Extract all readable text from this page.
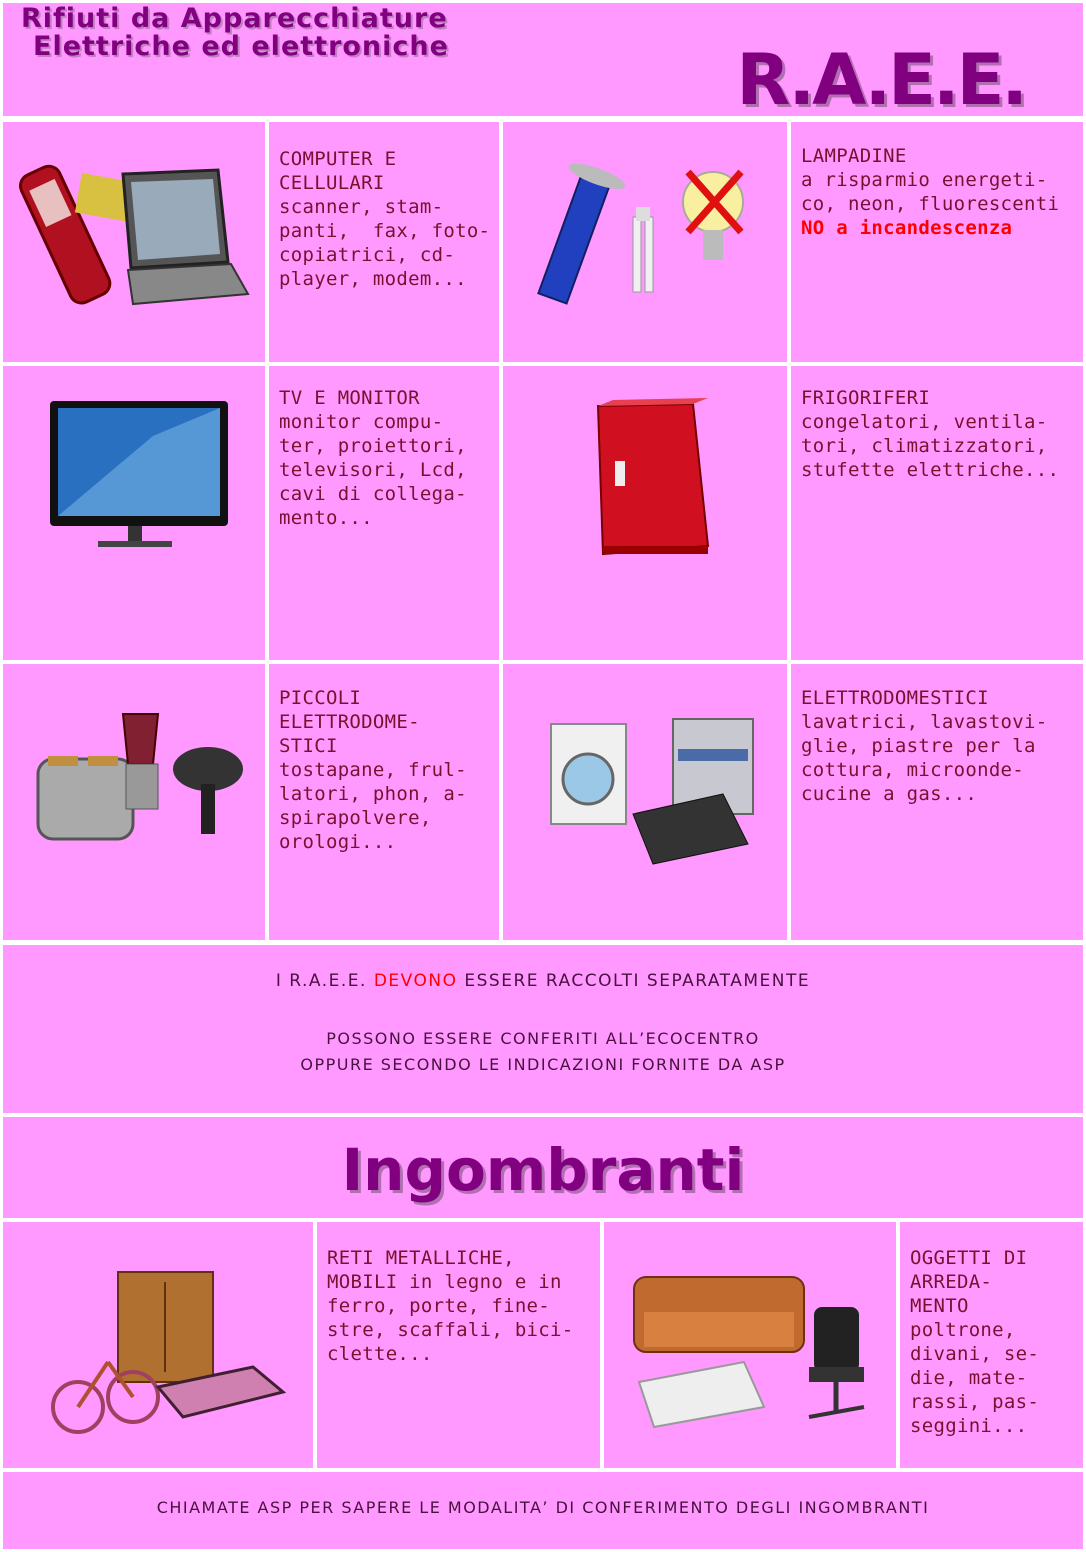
Rifiuti da Apparecchiature
Elettriche ed elettroniche	R.A.E.E.
COMPUTER E
CELLULARI
scanner, stam-
panti,  fax, foto-
copiatrici, cd-
player, modem...
LAMPADINE
a risparmio energeti-
co, neon, fluorescenti
NO a incandescenza
TV E MONITOR
monitor compu-
ter, proiettori,
televisori, Lcd,
cavi di collega-
mento...
FRIGORIFERI
congelatori, ventila-
tori, climatizzatori,
stufette elettriche...
PICCOLI
ELETTRODOME-
STICI
tostapane, frul-
latori, phon, a-
spirapolvere,
orologi...
ELETTRODOMESTICI
lavatrici, lavastovi-
glie, piastre per la
cottura, microonde-
cucine a gas...
I R.A.E.E. DEVONO ESSERE RACCOLTI SEPARATAMENTE
POSSONO ESSERE CONFERITI ALL’ECOCENTRO
OPPURE SECONDO LE INDICAZIONI FORNITE DA ASP
Ingombranti
RETI METALLICHE,
MOBILI in legno e in
ferro, porte, fine-
stre, scaffali, bici-
clette...
OGGETTI DI
ARREDA-
MENTO
poltrone,
divani, se-
die, mate-
rassi, pas-
seggini...
CHIAMATE ASP PER SAPERE LE MODALITA’ DI CONFERIMENTO DEGLI INGOMBRANTI
